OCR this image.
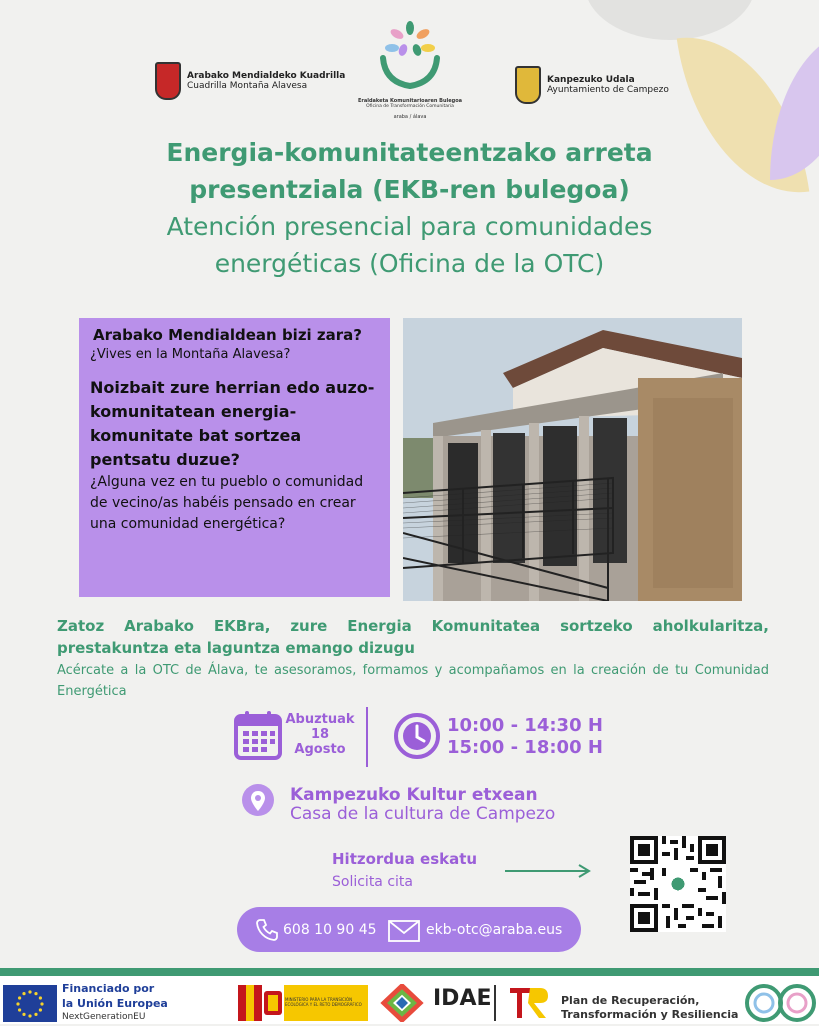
Arabako Mendialdeko Kuadrilla
Cuadrilla Montaña Alavesa
Eraldaketa Komunitarioaren Bulegoa
Oficina de Transformación Comunitaria
araba / álava
Kanpezuko Udala
Ayuntamiento de Campezo
Energia-komunitateentzako arreta
presentziala (EKB-ren bulegoa)
Atención presencial para comunidades
energéticas (Oficina de la OTC)
Arabako Mendialdean bizi zara?
¿Vives en la Montaña Alavesa?
Noizbait zure herrian edo auzo-komunitatean energia-komunitate bat sortzea pentsatu duzue?
¿Alguna vez en tu pueblo o comunidad de vecino/as habéis pensado en crear una comunidad energética?
Zatoz Arabako EKBra, zure Energia Komunitatea sortzeko aholkularitza, prestakuntza eta laguntza emango dizugu
Acércate a la OTC de Álava, te asesoramos, formamos y acompañamos en la creación de tu Comunidad Energética
Abuztuak
18
Agosto
10:00 - 14:30 H
15:00 - 18:00 H
Kampezuko Kultur etxean
Casa de la cultura de Campezo
Hitzordua eskatu
Solicita cita
608 10 90 45	ekb-otc@araba.eus
Financiado por
la Unión Europea
NextGenerationEU
MINISTERIO PARA LA TRANSICIÓN ECOLÓGICA Y EL RETO DEMOGRÁFICO	IDAE	Plan de Recuperación,
Transformación y Resiliencia
